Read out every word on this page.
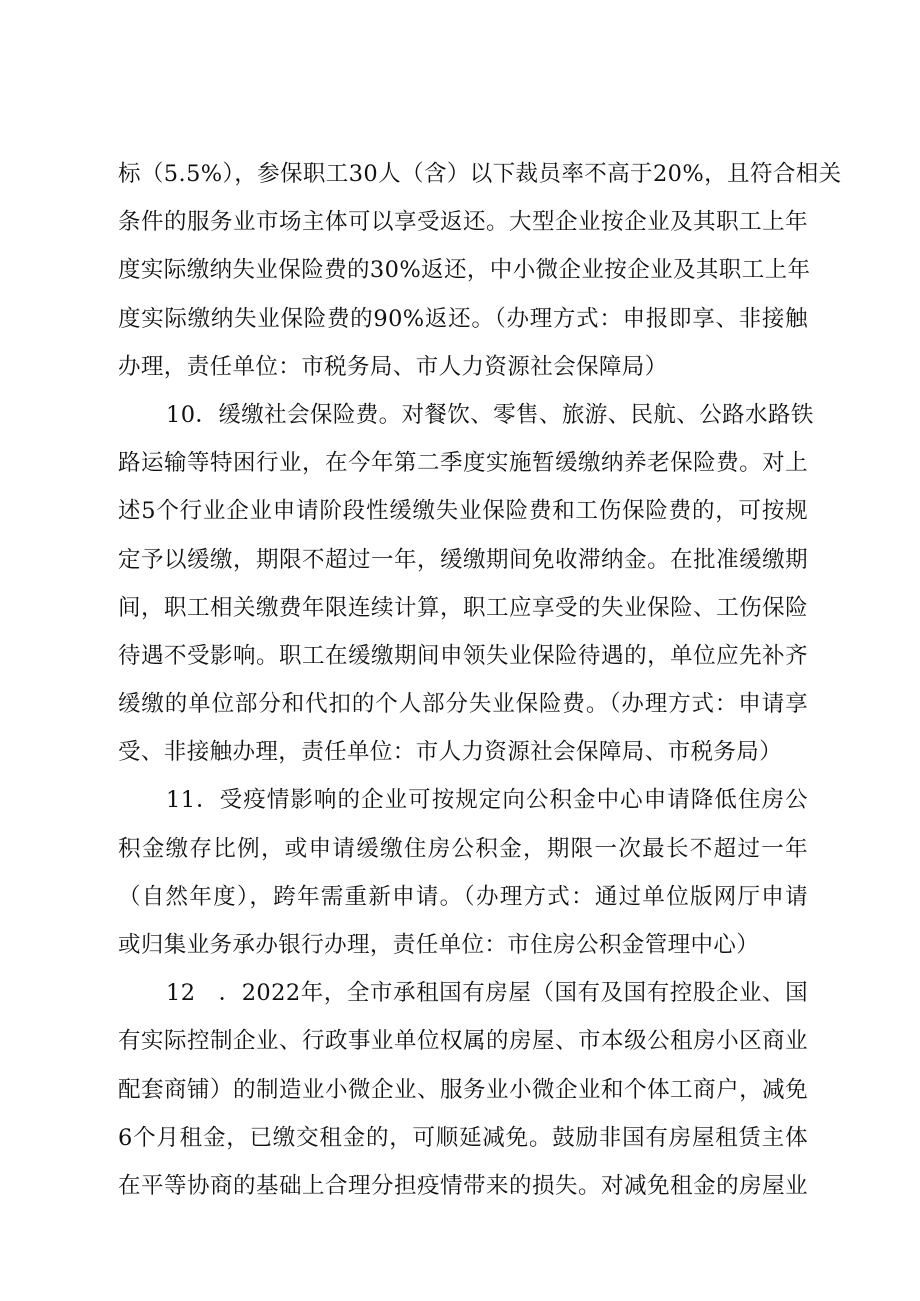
标（5.5%），参保职工30人（含）以下裁员率不高于20%，且符合相关
条件的服务业市场主体可以享受返还。大型企业按企业及其职工上年
度实际缴纳失业保险费的30%返还，中小微企业按企业及其职工上年
度实际缴纳失业保险费的90%返还。（办理方式：申报即享、非接触
办理，责任单位：市税务局、市人力资源社会保障局）
10．缓缴社会保险费。对餐饮、零售、旅游、民航、公路水路铁
路运输等特困行业，在今年第二季度实施暂缓缴纳养老保险费。对上
述5个行业企业申请阶段性缓缴失业保险费和工伤保险费的，可按规
定予以缓缴，期限不超过一年，缓缴期间免收滞纳金。在批准缓缴期
间，职工相关缴费年限连续计算，职工应享受的失业保险、工伤保险
待遇不受影响。职工在缓缴期间申领失业保险待遇的，单位应先补齐
缓缴的单位部分和代扣的个人部分失业保险费。（办理方式：申请享
受、非接触办理，责任单位：市人力资源社会保障局、市税务局）
11．受疫情影响的企业可按规定向公积金中心申请降低住房公
积金缴存比例，或申请缓缴住房公积金，期限一次最长不超过一年
（自然年度），跨年需重新申请。（办理方式：通过单位版网厅申请
或归集业务承办银行办理，责任单位：市住房公积金管理中心）
12　．2022年，全市承租国有房屋（国有及国有控股企业、国
有实际控制企业、行政事业单位权属的房屋、市本级公租房小区商业
配套商铺）的制造业小微企业、服务业小微企业和个体工商户，减免
6个月租金，已缴交租金的，可顺延减免。鼓励非国有房屋租赁主体
在平等协商的基础上合理分担疫情带来的损失。对减免租金的房屋业
